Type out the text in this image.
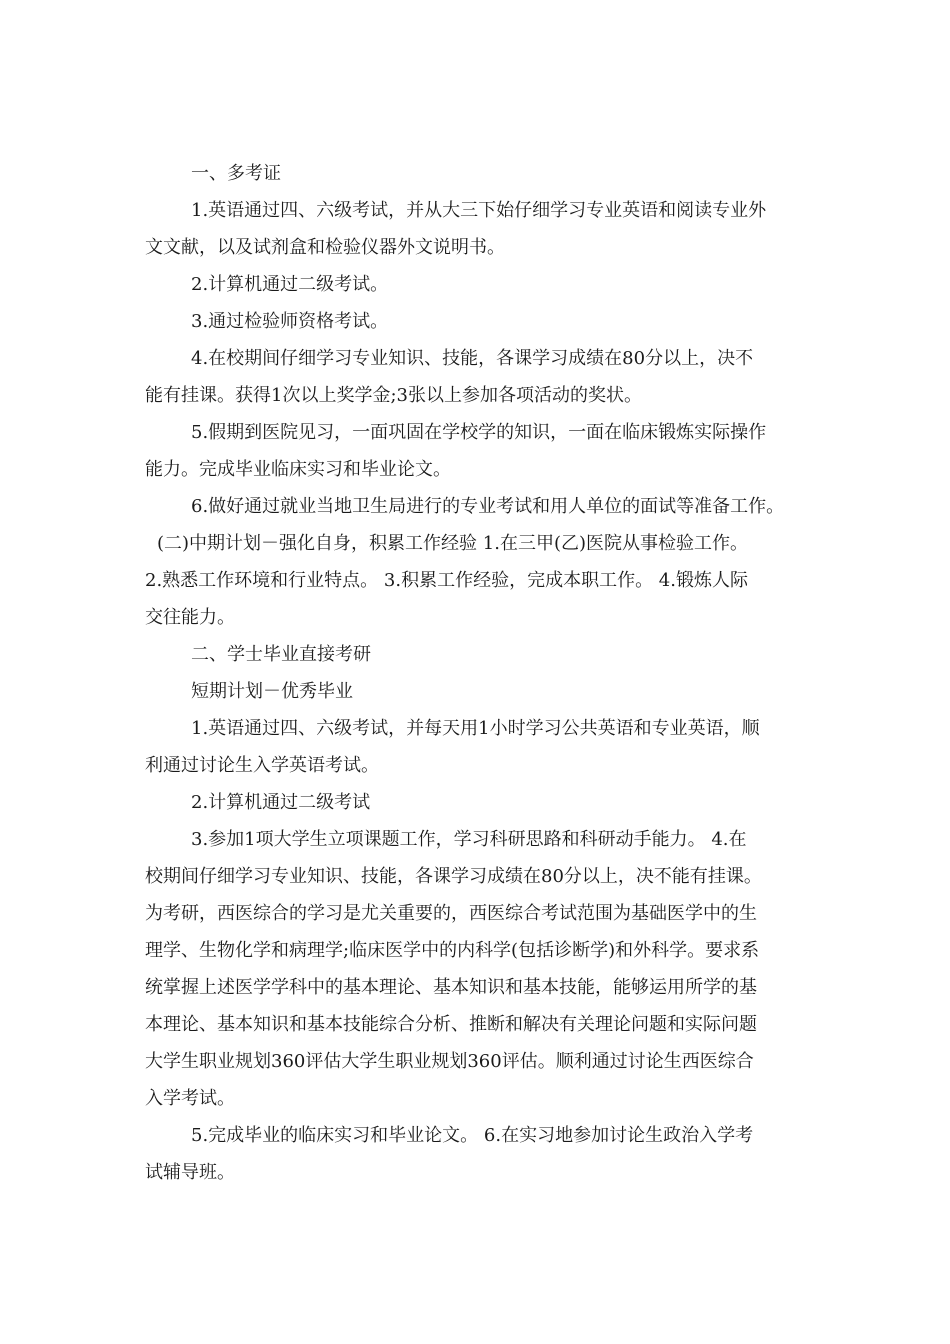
一、多考证
1.英语通过四、六级考试，并从大三下始仔细学习专业英语和阅读专业外
文文献，以及试剂盒和检验仪器外文说明书。
2.计算机通过二级考试。
3.通过检验师资格考试。
4.在校期间仔细学习专业知识、技能，各课学习成绩在80分以上，决不
能有挂课。获得1次以上奖学金;3张以上参加各项活动的奖状。
5.假期到医院见习，一面巩固在学校学的知识，一面在临床锻炼实际操作
能力。完成毕业临床实习和毕业论文。
6.做好通过就业当地卫生局进行的专业考试和用人单位的面试等准备工作。
(二)中期计划－强化自身，积累工作经验 1.在三甲(乙)医院从事检验工作。
2.熟悉工作环境和行业特点。 3.积累工作经验，完成本职工作。 4.锻炼人际
交往能力。
二、学士毕业直接考研
短期计划－优秀毕业
1.英语通过四、六级考试，并每天用1小时学习公共英语和专业英语，顺
利通过讨论生入学英语考试。
2.计算机通过二级考试
3.参加1项大学生立项课题工作，学习科研思路和科研动手能力。 4.在
校期间仔细学习专业知识、技能，各课学习成绩在80分以上，决不能有挂课。
为考研，西医综合的学习是尤关重要的，西医综合考试范围为基础医学中的生
理学、生物化学和病理学;临床医学中的内科学(包括诊断学)和外科学。要求系
统掌握上述医学学科中的基本理论、基本知识和基本技能，能够运用所学的基
本理论、基本知识和基本技能综合分析、推断和解决有关理论问题和实际问题
大学生职业规划360评估大学生职业规划360评估。顺利通过讨论生西医综合
入学考试。
5.完成毕业的临床实习和毕业论文。 6.在实习地参加讨论生政治入学考
试辅导班。
